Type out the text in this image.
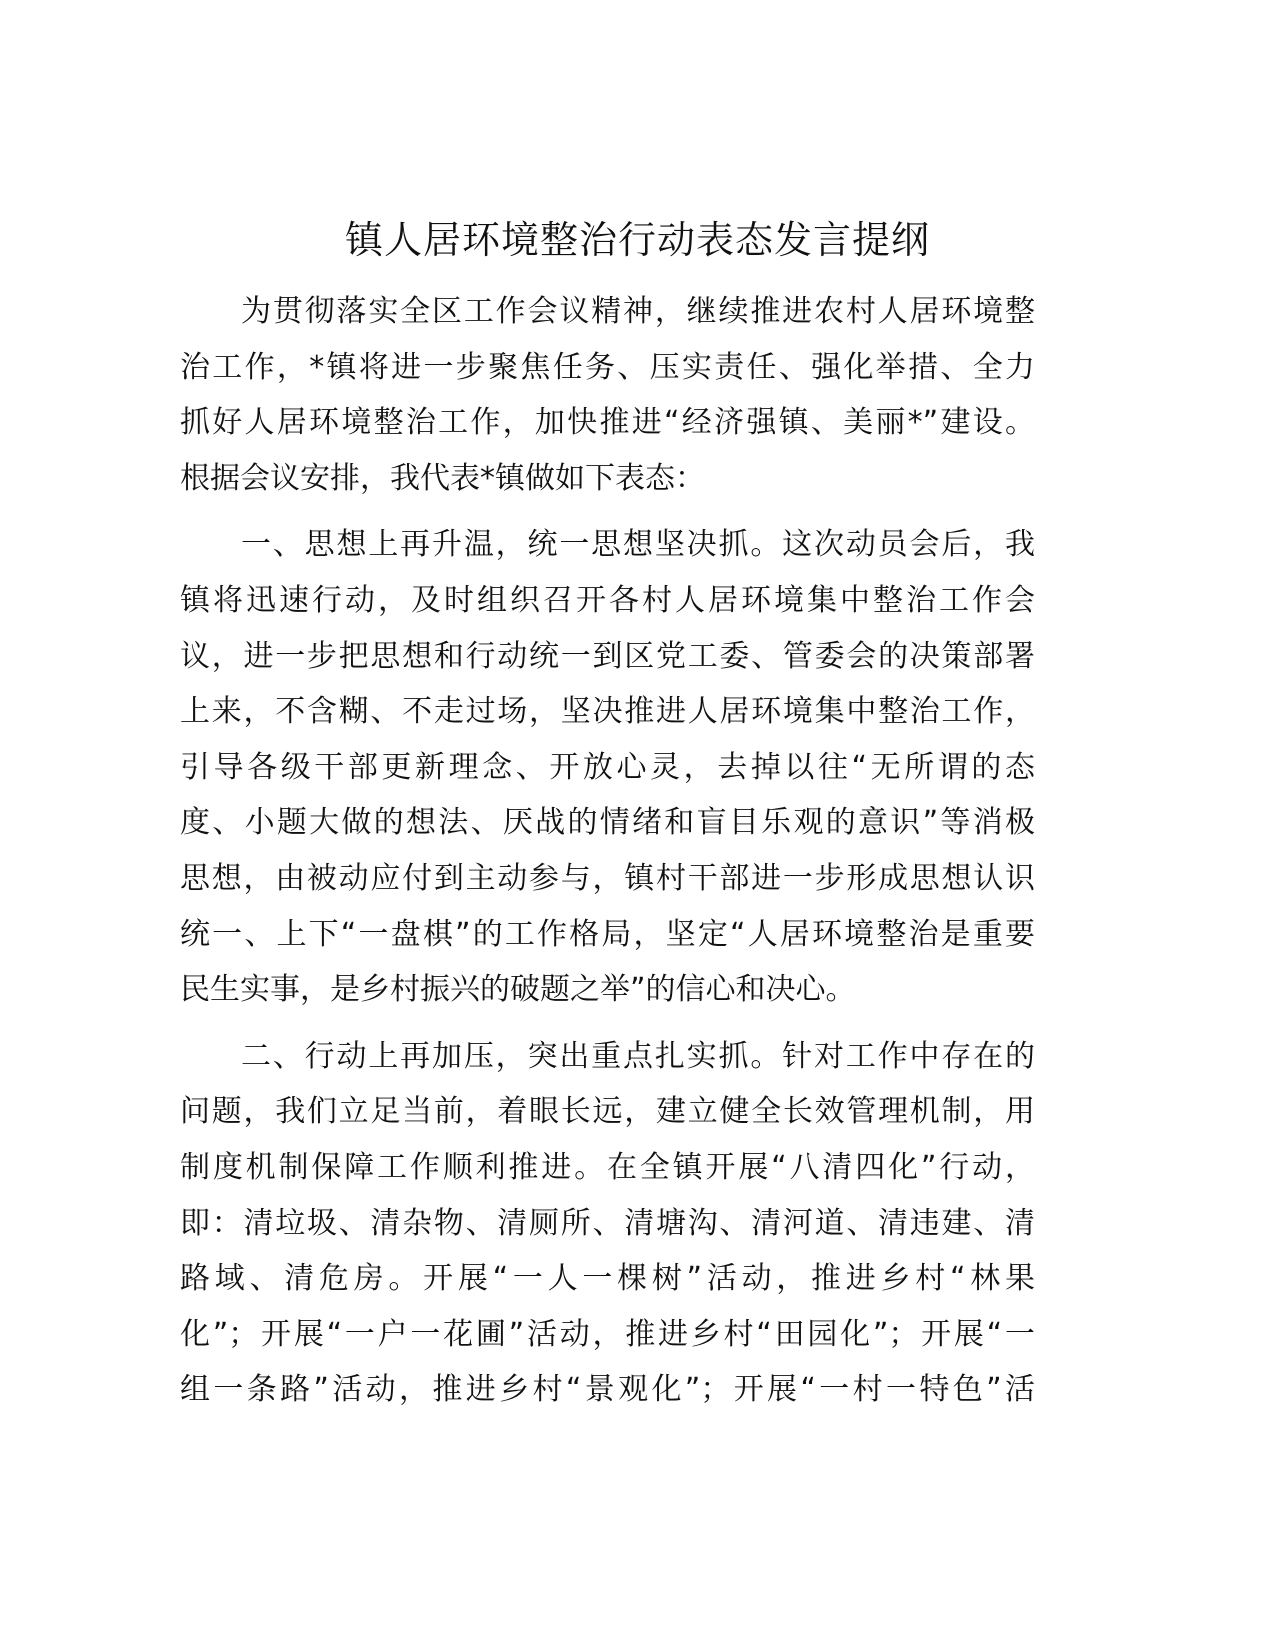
镇人居环境整治行动表态发言提纲
为贯彻落实全区工作会议精神，继续推进农村人居环境整
治工作，*镇将进一步聚焦任务、压实责任、强化举措、全力
抓好人居环境整治工作，加快推进“经济强镇、美丽*”建设。
根据会议安排，我代表*镇做如下表态：
一、思想上再升温，统一思想坚决抓。这次动员会后，我
镇将迅速行动，及时组织召开各村人居环境集中整治工作会
议，进一步把思想和行动统一到区党工委、管委会的决策部署
上来，不含糊、不走过场，坚决推进人居环境集中整治工作，
引导各级干部更新理念、开放心灵，去掉以往“无所谓的态
度、小题大做的想法、厌战的情绪和盲目乐观的意识”等消极
思想，由被动应付到主动参与，镇村干部进一步形成思想认识
统一、上下“一盘棋”的工作格局，坚定“人居环境整治是重要
民生实事，是乡村振兴的破题之举”的信心和决心。
二、行动上再加压，突出重点扎实抓。针对工作中存在的
问题，我们立足当前，着眼长远，建立健全长效管理机制，用
制度机制保障工作顺利推进。在全镇开展“八清四化”行动，
即：清垃圾、清杂物、清厕所、清塘沟、清河道、清违建、清
路域、清危房。开展“一人一棵树”活动，推进乡村“林果
化”；开展“一户一花圃”活动，推进乡村“田园化”；开展“一
组一条路”活动，推进乡村“景观化”；开展“一村一特色”活
